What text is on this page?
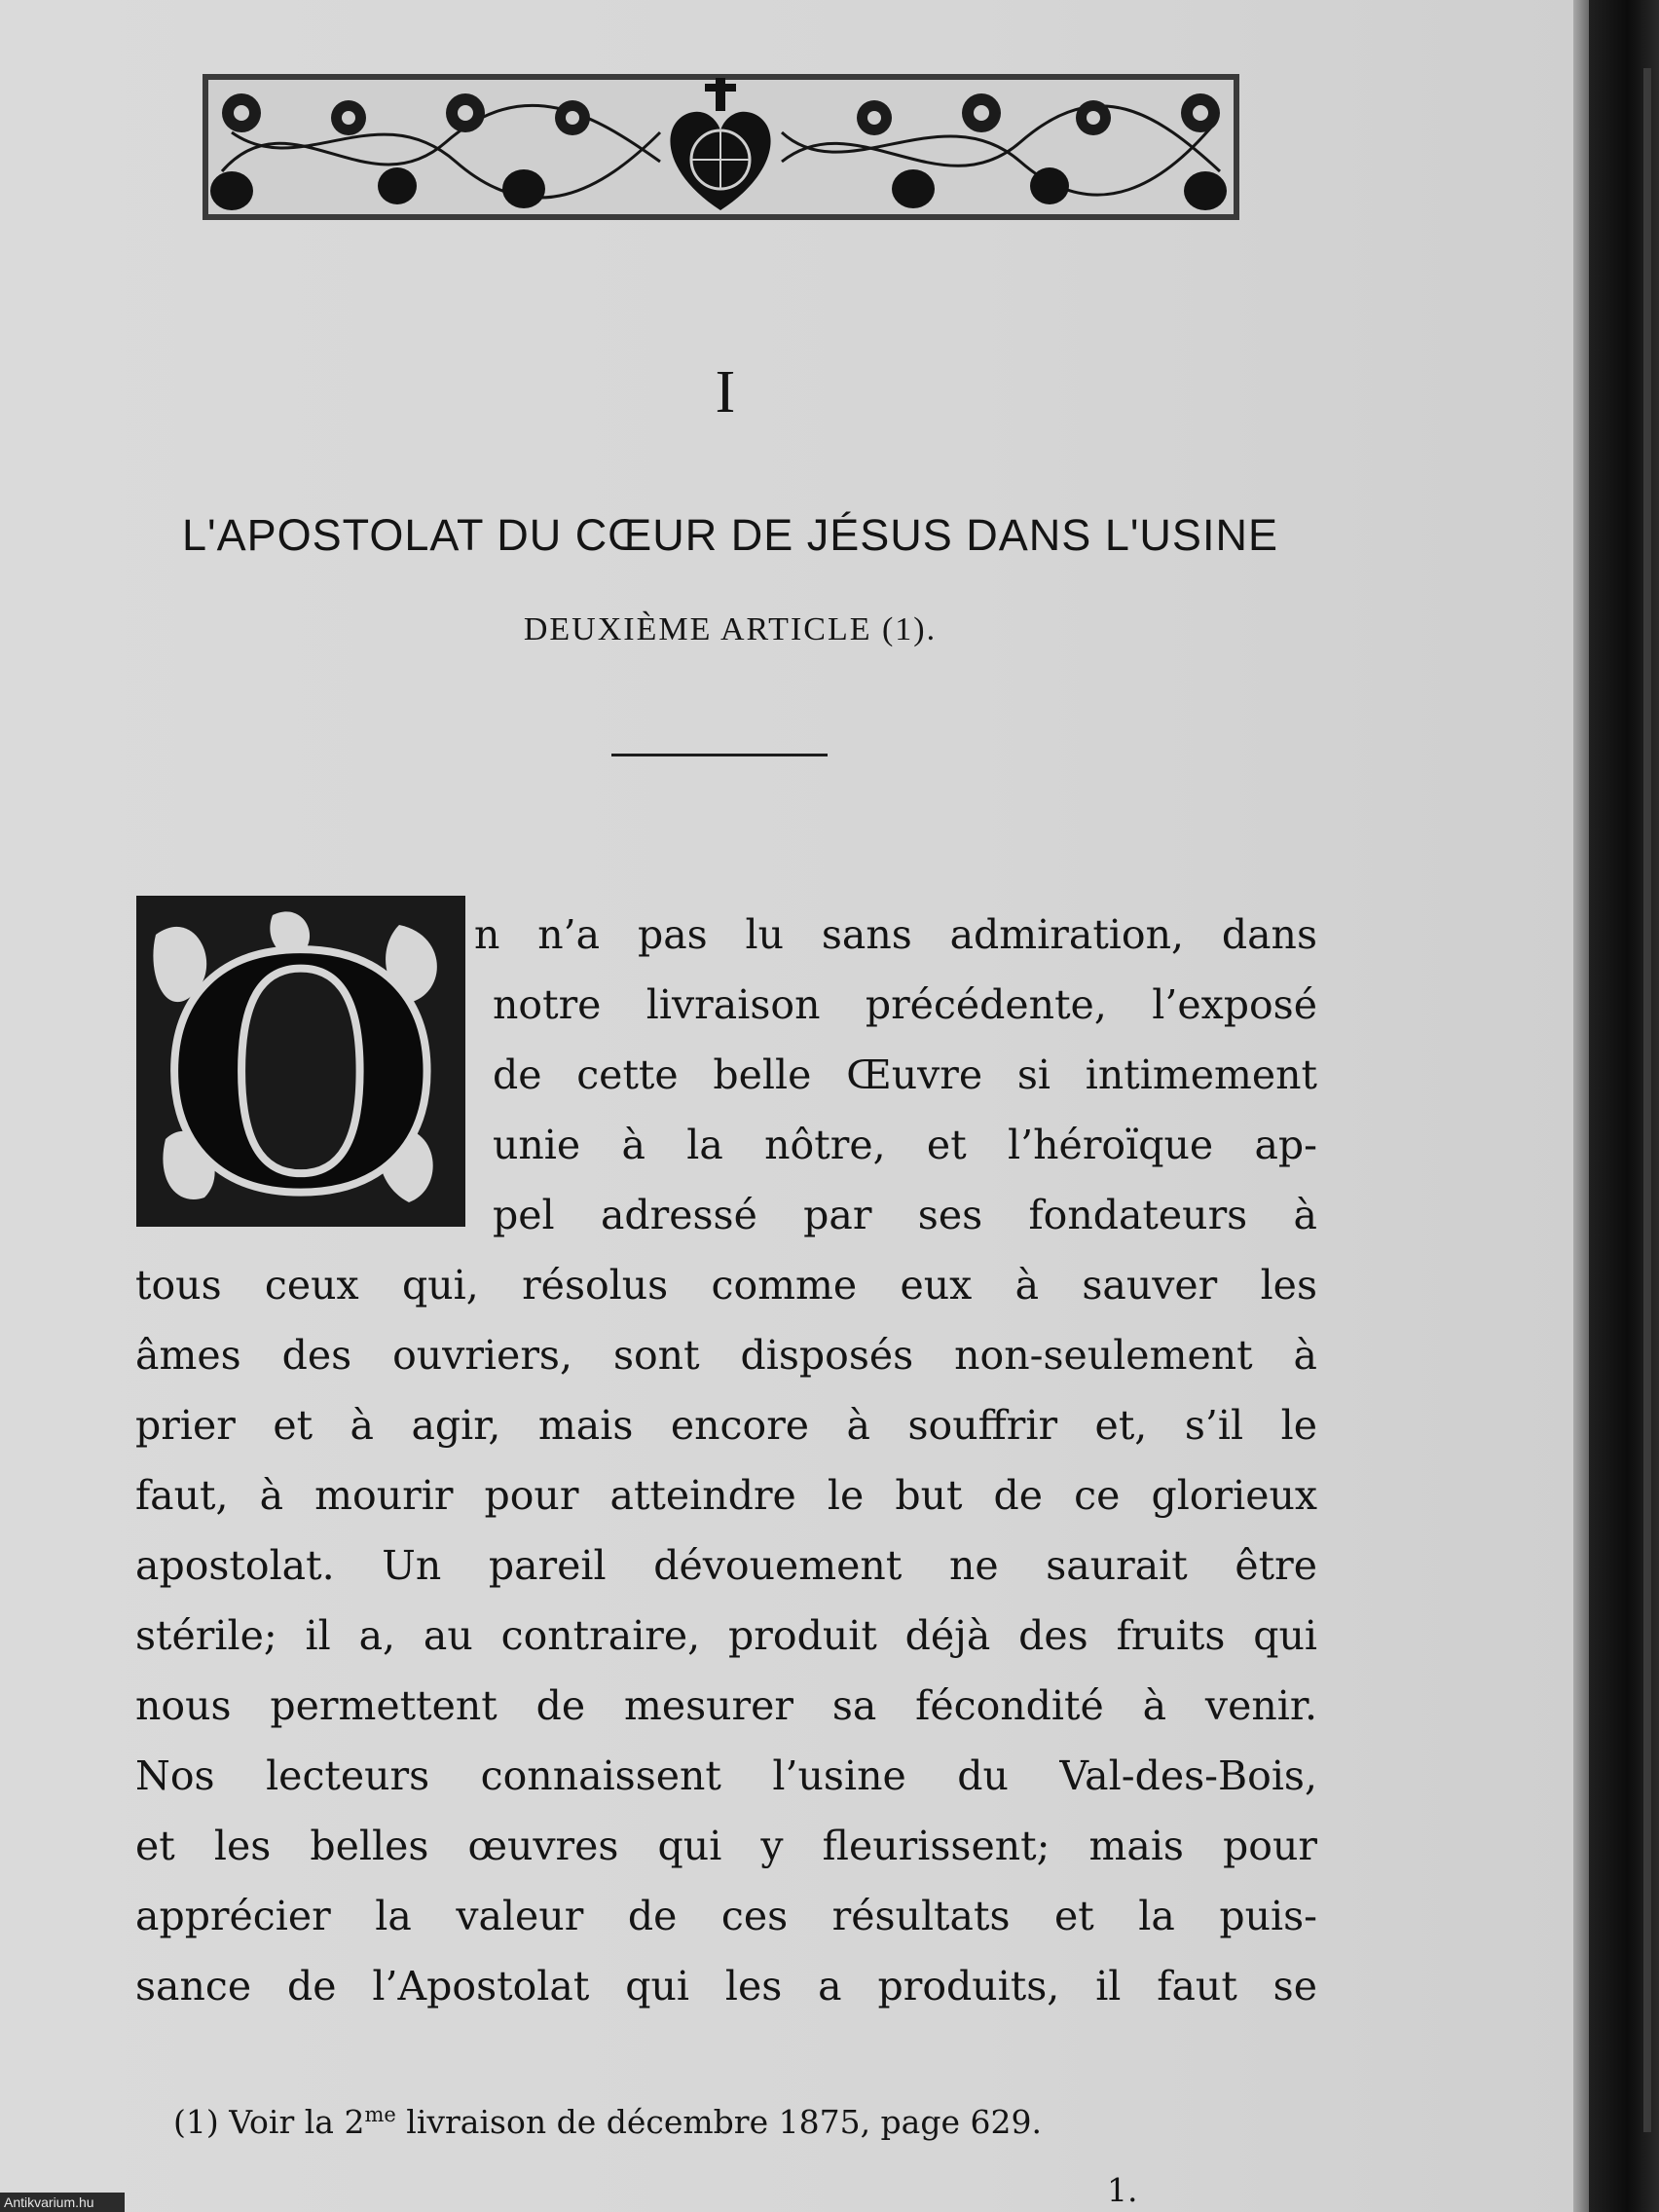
I
L'APOSTOLAT DU CŒUR DE JÉSUS DANS L'USINE
DEUXIÈME ARTICLE (1).
O n n’a pas lu sans admiration, dans
notre livraison précédente, l’exposé
de cette belle Œuvre si intimement
unie à la nôtre, et l’héroïque ap-
pel adressé par ses fondateurs à
tous ceux qui, résolus comme eux à sauver les
âmes des ouvriers, sont disposés non-seulement à
prier et à agir, mais encore à souffrir et, s’il le
faut, à mourir pour atteindre le but de ce glorieux
apostolat. Un pareil dévouement ne saurait être
stérile; il a, au contraire, produit déjà des fruits qui
nous permettent de mesurer sa fécondité à venir.
Nos lecteurs connaissent l’usine du Val-des-Bois,
et les belles œuvres qui y fleurissent; mais pour
apprécier la valeur de ces résultats et la puis-
sance de l’Apostolat qui les a produits, il faut se
(1) Voir la $2^{me}$ livraison de décembre 1875, page 629.
1.
Antikvarium.hu
